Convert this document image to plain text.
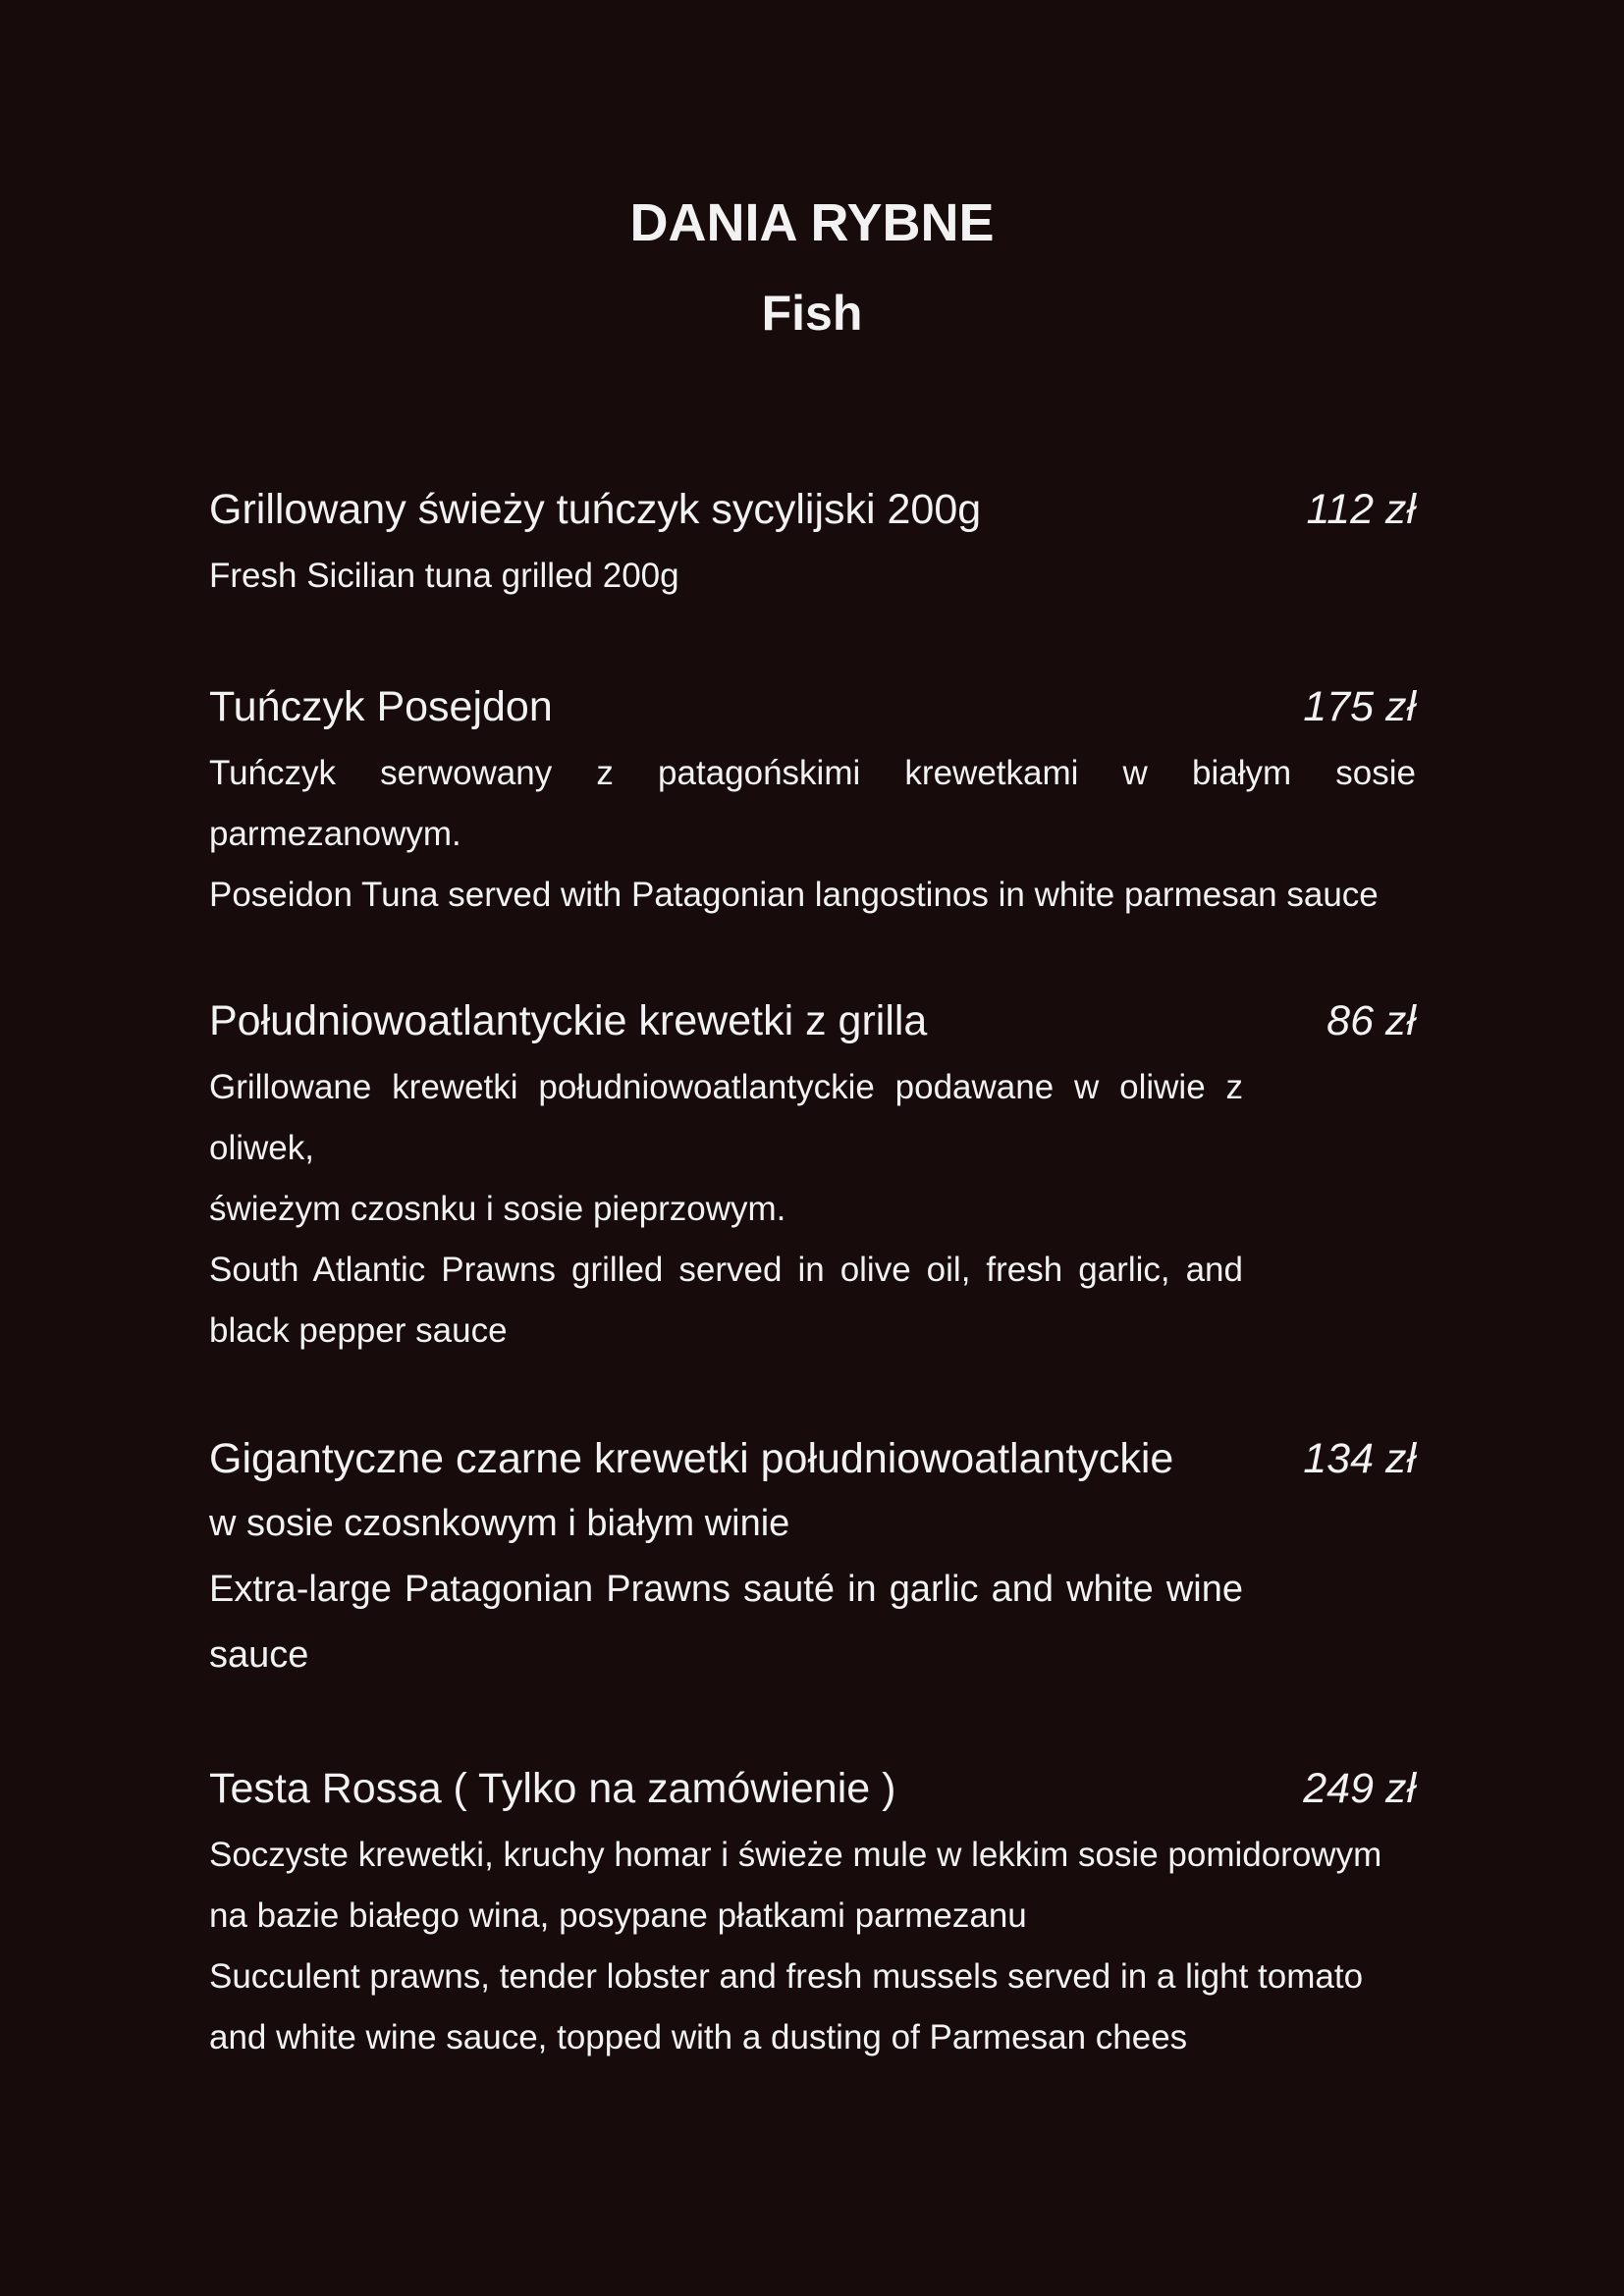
DANIA RYBNE
Fish
Grillowany świeży tuńczyk sycylijski 200g	112 zł

Fresh Sicilian tuna grilled 200g

Tuńczyk Posejdon	175 zł

Tuńczyk serwowany z patagońskimi krewetkami w białym sosie parmezanowym.

Poseidon Tuna served with Patagonian langostinos in white parmesan sauce

Południowoatlantyckie krewetki z grilla	86 zł

Grillowane krewetki południowoatlantyckie podawane w oliwie z oliwek,

świeżym czosnku i sosie pieprzowym.

South Atlantic Prawns grilled served in olive oil, fresh garlic, and black pepper sauce

Gigantyczne czarne krewetki południowoatlantyckie	134 zł

w sosie czosnkowym i białym winie

Extra-large Patagonian Prawns sauté in garlic and white wine sauce

Testa Rossa ( Tylko na zamówienie )	249 zł

Soczyste krewetki, kruchy homar i świeże mule w lekkim sosie pomidorowym na bazie białego wina, posypane płatkami parmezanu

Succulent prawns, tender lobster and fresh mussels served in a light tomato and white wine sauce, topped with a dusting of Parmesan chees
